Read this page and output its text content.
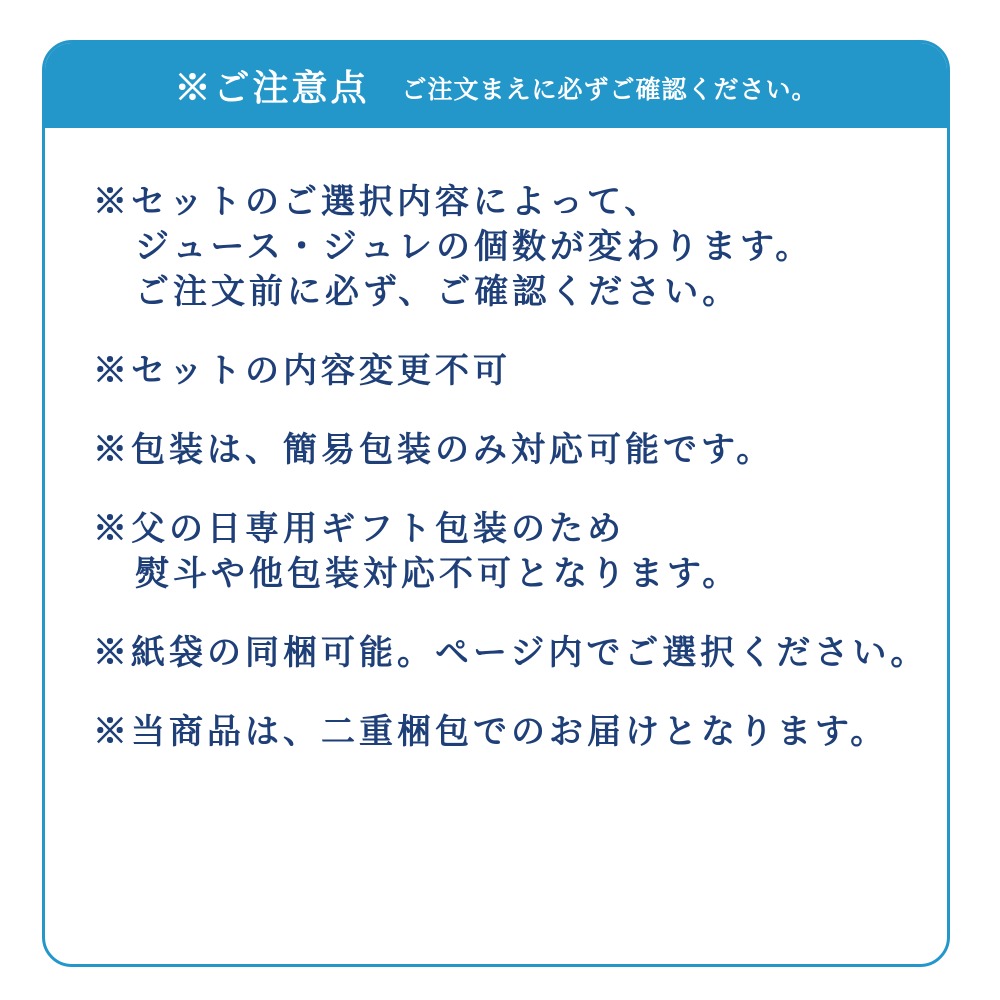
※ご注意点 ご注文まえに必ずご確認ください。
※セットのご選択内容によって、
ジュース・ジュレの個数が変わります。
ご注文前に必ず、ご確認ください。
※セットの内容変更不可
※包装は、簡易包装のみ対応可能です。
※父の日専用ギフト包装のため
熨斗や他包装対応不可となります。
※紙袋の同梱可能。ページ内でご選択ください。
※当商品は、二重梱包でのお届けとなります。
